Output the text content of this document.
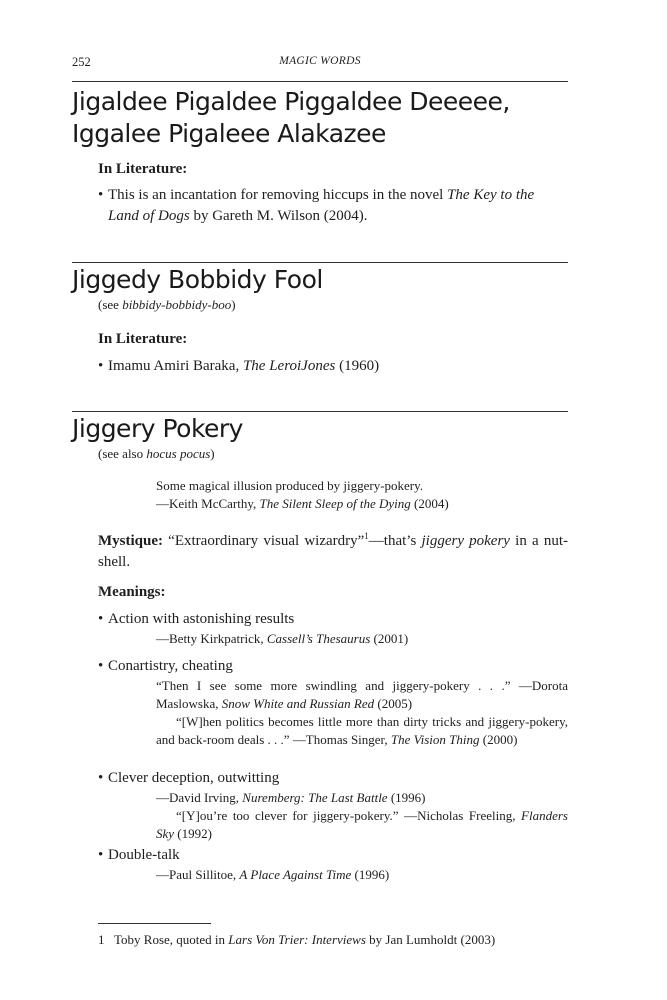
252	MAGIC WORDS
Jigaldee Pigaldee Piggaldee Deeeee,
Iggalee Pigaleee Alakazee
In Literature:
• This is an incantation for removing hiccups in the novel The Key to the Land of Dogs by Gareth M. Wilson (2004).
Jiggedy Bobbidy Fool
(see bibbidy-bobbidy-boo)
In Literature:
• Imamu Amiri Baraka, The LeroiJones (1960)
Jiggery Pokery
(see also hocus pocus)
Some magical illusion produced by jiggery-pokery.
—Keith McCarthy, The Silent Sleep of the Dying (2004)
Mystique: “Extraordinary visual wizardry”$^1$—that’s jiggery pokery in a nut-shell.
Meanings:
• Action with astonishing results
—Betty Kirkpatrick, Cassell’s Thesaurus (2001)
• Conartistry, cheating
“Then I see some more swindling and jiggery-pokery . . .” —Dorota Maslowska, Snow White and Russian Red (2005)
“[W]hen politics becomes little more than dirty tricks and jiggery-pokery, and back-room deals . . .” —Thomas Singer, The Vision Thing (2000)
• Clever deception, outwitting
—David Irving, Nuremberg: The Last Battle (1996)
“[Y]ou’re too clever for jiggery-pokery.” —Nicholas Freeling, Flanders Sky (1992)
• Double-talk
—Paul Sillitoe, A Place Against Time (1996)
1 Toby Rose, quoted in Lars Von Trier: Interviews by Jan Lumholdt (2003)
